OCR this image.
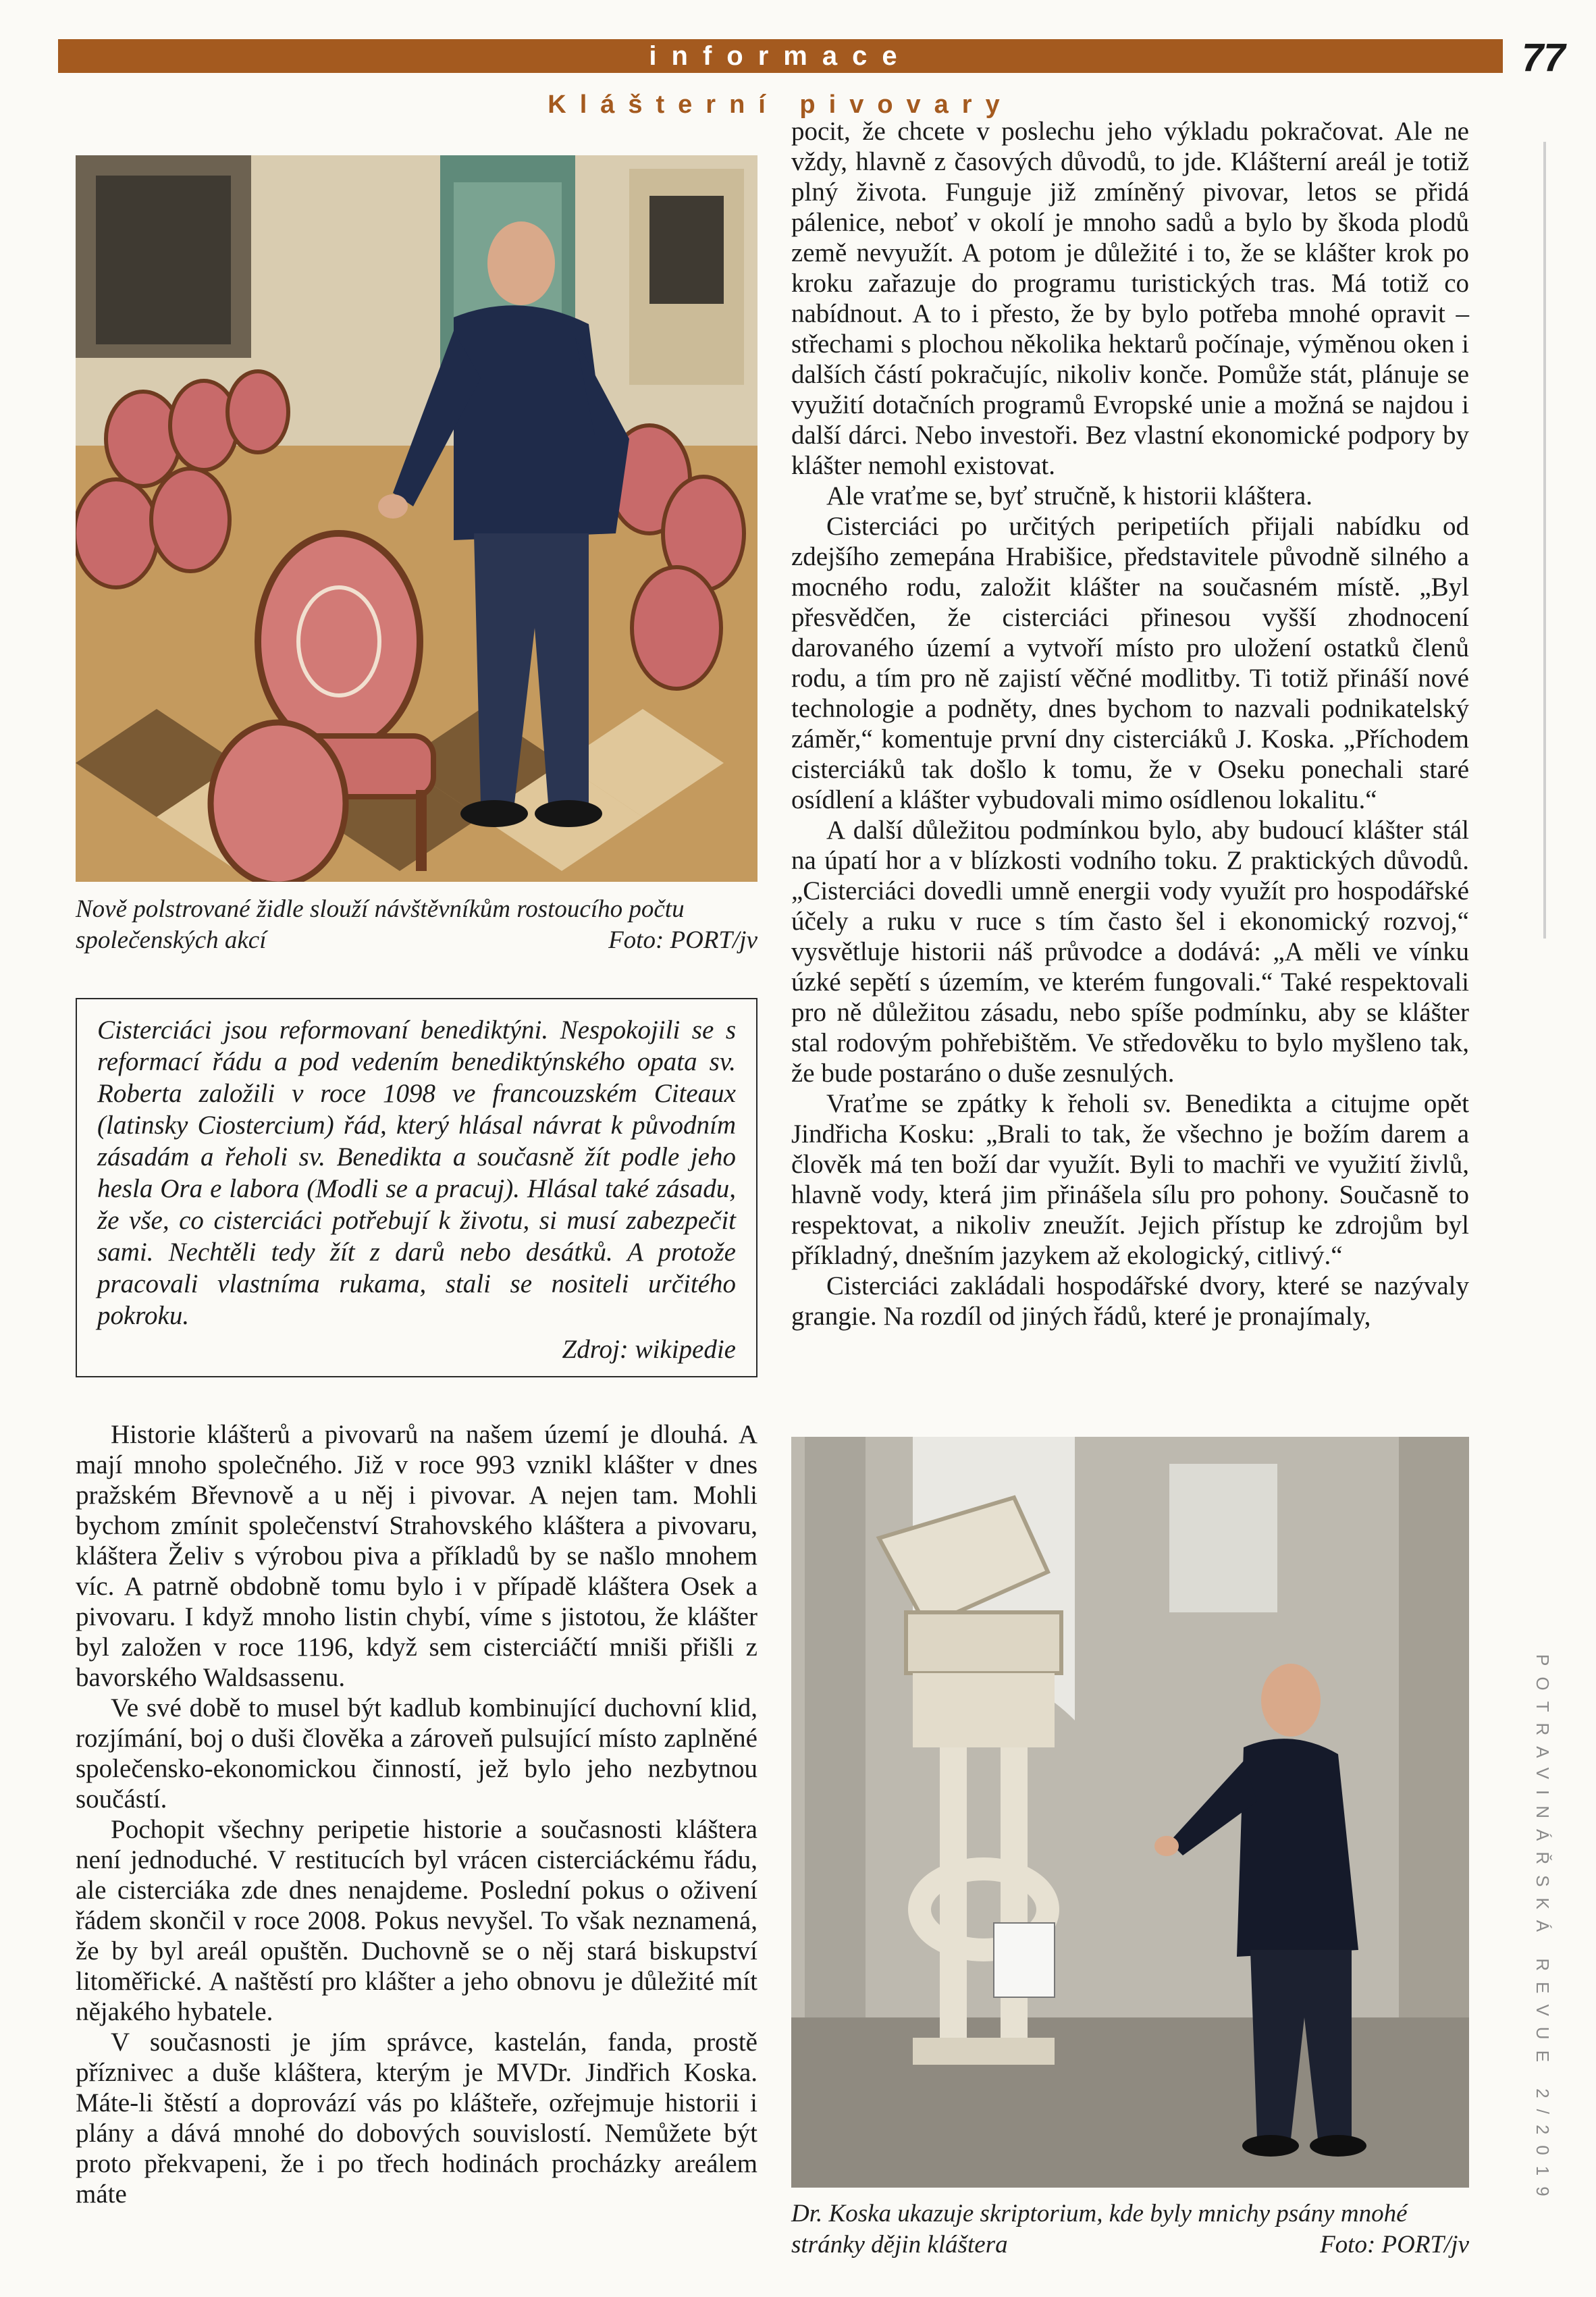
informace	77
Klášterní pivovary
POTRAVINÁŘSKÁ REVUE 2/2019
Nově polstrované židle slouží návštěvníkům rostoucího počtu společenských akcí	Foto: PORT/jv

Cisterciáci jsou reformovaní benediktýni. Nespokojili se s reformací řádu a pod vedením benediktýnského opata sv. Roberta založili v roce 1098 ve francouzském Citeaux (latinsky Ciostercium) řád, který hlásal návrat k původním zásadám a řeholi sv. Benedikta a současně žít podle jeho hesla Ora e labora (Modli se a pracuj). Hlásal také zásadu, že vše, co cisterciáci potřebují k životu, si musí zabezpečit sami. Nechtěli tedy žít z darů nebo desátků. A protože pracovali vlastníma rukama, stali se nositeli určitého pokroku.

Zdroj: wikipedie

Historie klášterů a pivovarů na našem území je dlouhá. A mají mnoho společného. Již v roce 993 vznikl klášter v dnes pražském Břevnově a u něj i pivovar. A nejen tam. Mohli bychom zmínit společenství Strahovského kláštera a pivovaru, kláštera Želiv s výrobou piva a příkladů by se našlo mnohem víc. A patrně obdobně tomu bylo i v případě kláštera Osek a pivovaru. I když mnoho listin chybí, víme s jistotou, že klášter byl založen v roce 1196, když sem cisterciáčtí mniši přišli z bavorského Waldsassenu.

Ve své době to musel být kadlub kombinující duchovní klid, rozjímání, boj o duši člověka a zároveň pulsující místo zaplněné společensko-ekonomickou činností, jež bylo jeho nezbytnou součástí.

Pochopit všechny peripetie historie a současnosti kláštera není jednoduché. V restitucích byl vrácen cisterciáckému řádu, ale cisterciáka zde dnes nenajdeme. Poslední pokus o oživení řádem skončil v roce 2008. Pokus nevyšel. To však neznamená, že by byl areál opuštěn. Duchovně se o něj stará biskupství litoměřické. A naštěstí pro klášter a jeho obnovu je důležité mít nějakého hybatele.

V současnosti je jím správce, kastelán, fanda, prostě příznivec a duše kláštera, kterým je MVDr. Jindřich Koska. Máte-li štěstí a doprovází vás po klášteře, ozřejmuje historii i plány a dává mnohé do dobových souvislostí. Nemůžete být proto překvapeni, že i po třech hodinách procházky areálem máte

pocit, že chcete v poslechu jeho výkladu pokračovat. Ale ne vždy, hlavně z časových důvodů, to jde. Klášterní areál je totiž plný života. Funguje již zmíněný pivovar, letos se přidá pálenice, neboť v okolí je mnoho sadů a bylo by škoda plodů země nevyužít. A potom je důležité i to, že se klášter krok po kroku zařazuje do programu turistických tras. Má totiž co nabídnout. A to i přesto, že by bylo potřeba mnohé opravit – střechami s plochou několika hektarů počínaje, výměnou oken i dalších částí pokračujíc, nikoliv konče. Pomůže stát, plánuje se využití dotačních programů Evropské unie a možná se najdou i další dárci. Nebo investoři. Bez vlastní ekonomické podpory by klášter nemohl existovat.

Ale vraťme se, byť stručně, k historii kláštera.

Cisterciáci po určitých peripetiích přijali nabídku od zdejšího zemepána Hrabišice, představitele původně silného a mocného rodu, založit klášter na současném místě. „Byl přesvědčen, že cisterciáci přinesou vyšší zhodnocení darovaného území a vytvoří místo pro uložení ostatků členů rodu, a tím pro ně zajistí věčné modlitby. Ti totiž přináší nové technologie a podněty, dnes bychom to nazvali podnikatelský záměr,“ komentuje první dny cisterciáků J. Koska. „Příchodem cisterciáků tak došlo k tomu, že v Oseku ponechali staré osídlení a klášter vybudovali mimo osídlenou lokalitu.“

A další důležitou podmínkou bylo, aby budoucí klášter stál na úpatí hor a v blízkosti vodního toku. Z praktických důvodů. „Cisterciáci dovedli umně energii vody využít pro hospodářské účely a ruku v ruce s tím často šel i ekonomický rozvoj,“ vysvětluje historii náš průvodce a dodává: „A měli ve vínku úzké sepětí s územím, ve kterém fungovali.“ Také respektovali pro ně důležitou zásadu, nebo spíše podmínku, aby se klášter stal rodovým pohřebištěm. Ve středověku to bylo myšleno tak, že bude postaráno o duše zesnulých.

Vraťme se zpátky k řeholi sv. Benedikta a citujme opět Jindřicha Kosku: „Brali to tak, že všechno je božím darem a člověk má ten boží dar využít. Byli to machři ve využití živlů, hlavně vody, která jim přinášela sílu pro pohony. Současně to respektovat, a nikoliv zneužít. Jejich přístup ke zdrojům byl příkladný, dnešním jazykem až ekologický, citlivý.“

Cisterciáci zakládali hospodářské dvory, které se nazývaly grangie. Na rozdíl od jiných řádů, které je pronajímaly,

Dr. Koska ukazuje skriptorium, kde byly mnichy psány mnohé stránky dějin kláštera	Foto: PORT/jv
